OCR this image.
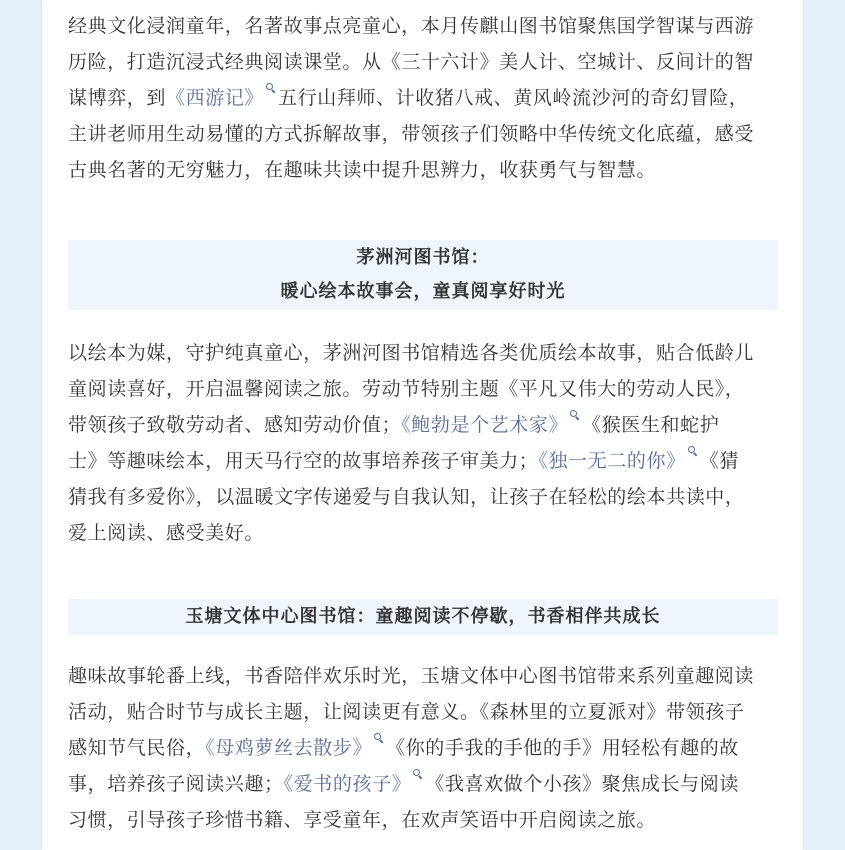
经典文化浸润童年，名著故事点亮童心，本月传麒山图书馆聚焦国学智谋与西游
历险，打造沉浸式经典阅读课堂。从《三十六计》美人计、空城计、反间计的智
谋博弈，到《西游记》 五行山拜师、计收猪八戒、黄风岭流沙河的奇幻冒险，
主讲老师用生动易懂的方式拆解故事，带领孩子们领略中华传统文化底蕴，感受
古典名著的无穷魅力，在趣味共读中提升思辨力，收获勇气与智慧。
茅洲河图书馆：
暖心绘本故事会，童真阅享好时光
以绘本为媒，守护纯真童心，茅洲河图书馆精选各类优质绘本故事，贴合低龄儿
童阅读喜好，开启温馨阅读之旅。劳动节特别主题《平凡又伟大的劳动人民》，
带领孩子致敬劳动者、感知劳动价值；《鲍勃是个艺术家》 《猴医生和蛇护
士》等趣味绘本，用天马行空的故事培养孩子审美力；《独一无二的你》 《猜
猜我有多爱你》，以温暖文字传递爱与自我认知，让孩子在轻松的绘本共读中，
爱上阅读、感受美好。
玉塘文体中心图书馆：童趣阅读不停歇，书香相伴共成长
趣味故事轮番上线，书香陪伴欢乐时光，玉塘文体中心图书馆带来系列童趣阅读
活动，贴合时节与成长主题，让阅读更有意义。《森林里的立夏派对》带领孩子
感知节气民俗，《母鸡萝丝去散步》 《你的手我的手他的手》用轻松有趣的故
事，培养孩子阅读兴趣；《爱书的孩子》 《我喜欢做个小孩》聚焦成长与阅读
习惯，引导孩子珍惜书籍、享受童年，在欢声笑语中开启阅读之旅。
